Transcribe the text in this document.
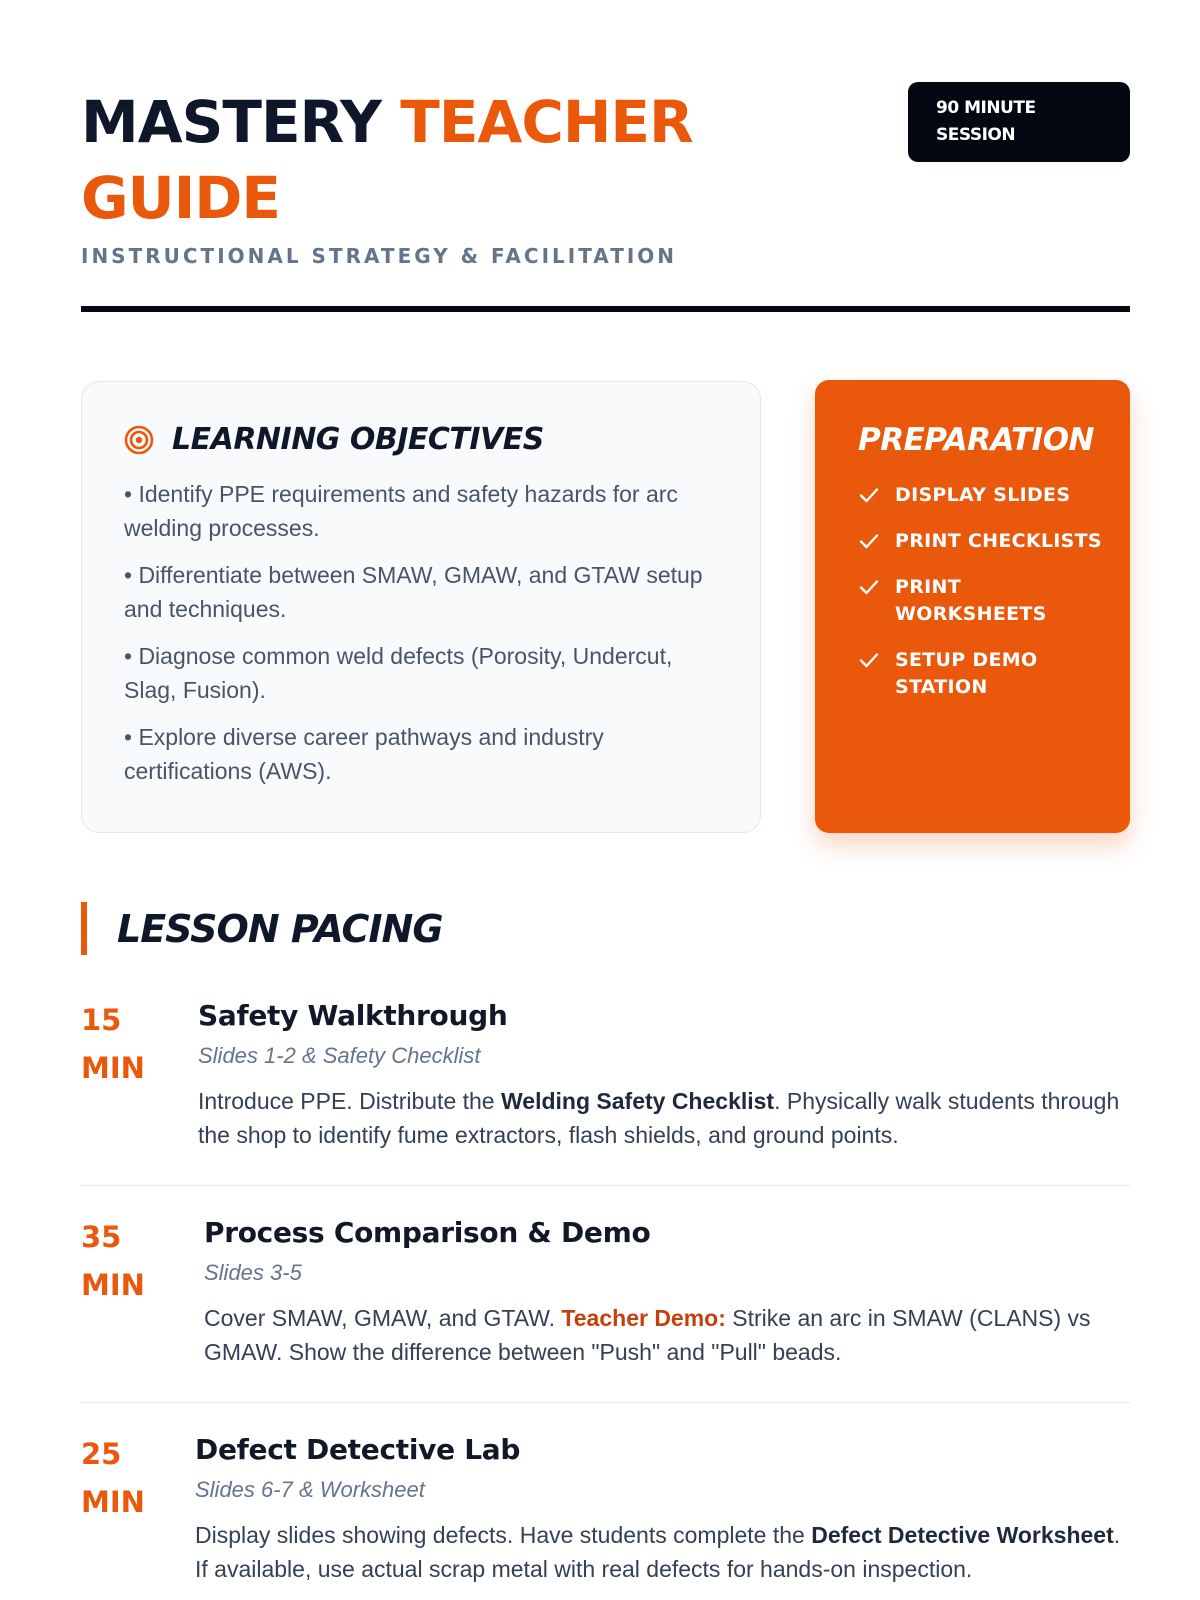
MASTERY TEACHER GUIDE
INSTRUCTIONAL STRATEGY & FACILITATION
90 MINUTE SESSION
LEARNING OBJECTIVES
• Identify PPE requirements and safety hazards for arc welding processes.
• Differentiate between SMAW, GMAW, and GTAW setup and techniques.
• Diagnose common weld defects (Porosity, Undercut, Slag, Fusion).
• Explore diverse career pathways and industry certifications (AWS).
PREPARATION
DISPLAY SLIDES
PRINT CHECKLISTS
PRINT WORKSHEETS
SETUP DEMO STATION
LESSON PACING
15 MIN
Safety Walkthrough
Slides 1-2 & Safety Checklist

Introduce PPE. Distribute the Welding Safety Checklist. Physically walk students through the shop to identify fume extractors, flash shields, and ground points.

35 MIN
Process Comparison & Demo
Slides 3-5

Cover SMAW, GMAW, and GTAW. Teacher Demo: Strike an arc in SMAW (CLANS) vs GMAW. Show the difference between "Push" and "Pull" beads.

25 MIN
Defect Detective Lab
Slides 6-7 & Worksheet

Display slides showing defects. Have students complete the Defect Detective Worksheet. If available, use actual scrap metal with real defects for hands-on inspection.
